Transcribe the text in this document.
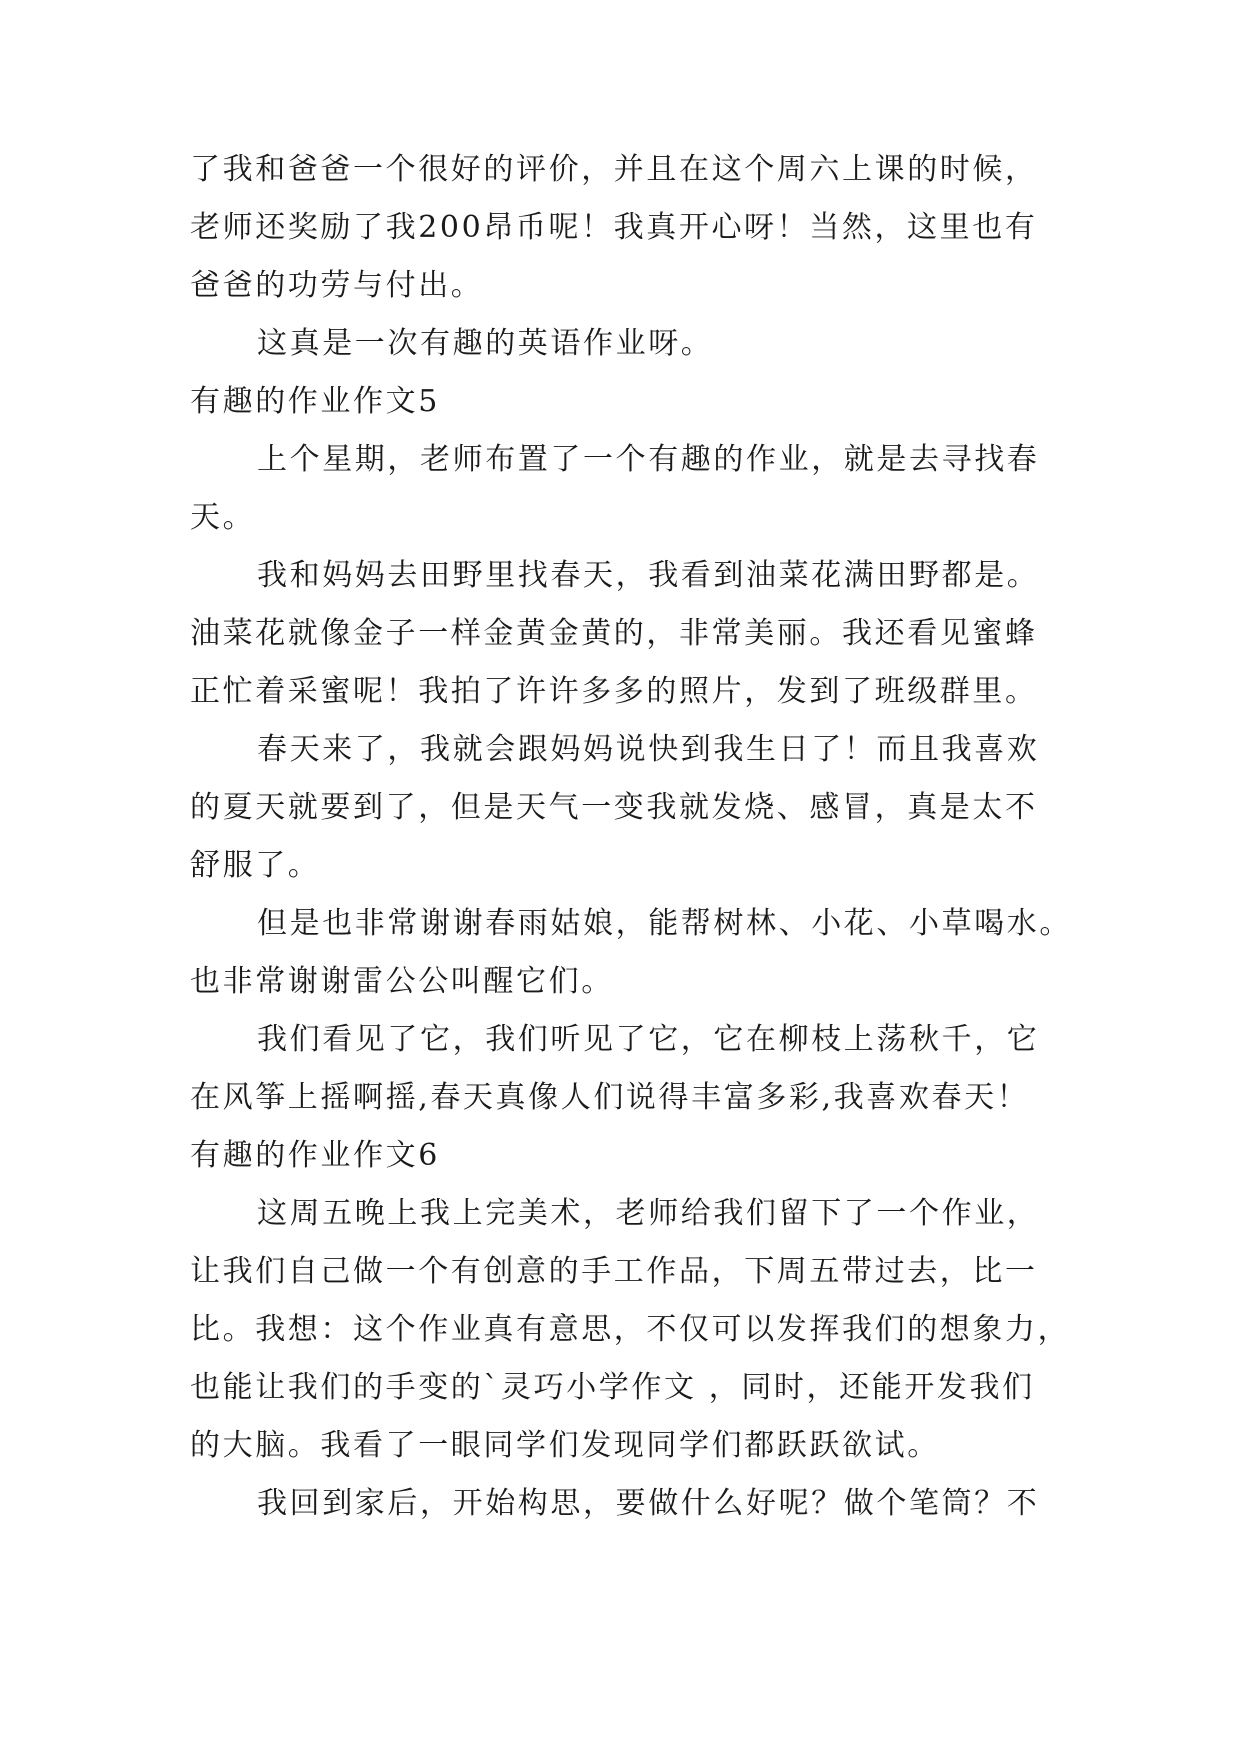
了我和爸爸一个很好的评价，并且在这个周六上课的时候，
老师还奖励了我200昂币呢！我真开心呀！当然，这里也有
爸爸的功劳与付出。
这真是一次有趣的英语作业呀。
有趣的作业作文5
上个星期，老师布置了一个有趣的作业，就是去寻找春
天。
我和妈妈去田野里找春天，我看到油菜花满田野都是。
油菜花就像金子一样金黄金黄的，非常美丽。我还看见蜜蜂
正忙着采蜜呢！我拍了许许多多的照片，发到了班级群里。
春天来了，我就会跟妈妈说快到我生日了！而且我喜欢
的夏天就要到了，但是天气一变我就发烧、感冒，真是太不
舒服了。
但是也非常谢谢春雨姑娘，能帮树林、小花、小草喝水。
也非常谢谢雷公公叫醒它们。
我们看见了它，我们听见了它，它在柳枝上荡秋千，它
在风筝上摇啊摇,春天真像人们说得丰富多彩,我喜欢春天！
有趣的作业作文6
这周五晚上我上完美术，老师给我们留下了一个作业，
让我们自己做一个有创意的手工作品，下周五带过去，比一
比。我想：这个作业真有意思，不仅可以发挥我们的想象力，
也能让我们的手变的`灵巧小学作文 ，同时，还能开发我们
的大脑。我看了一眼同学们发现同学们都跃跃欲试。
我回到家后，开始构思，要做什么好呢？做个笔筒？不
